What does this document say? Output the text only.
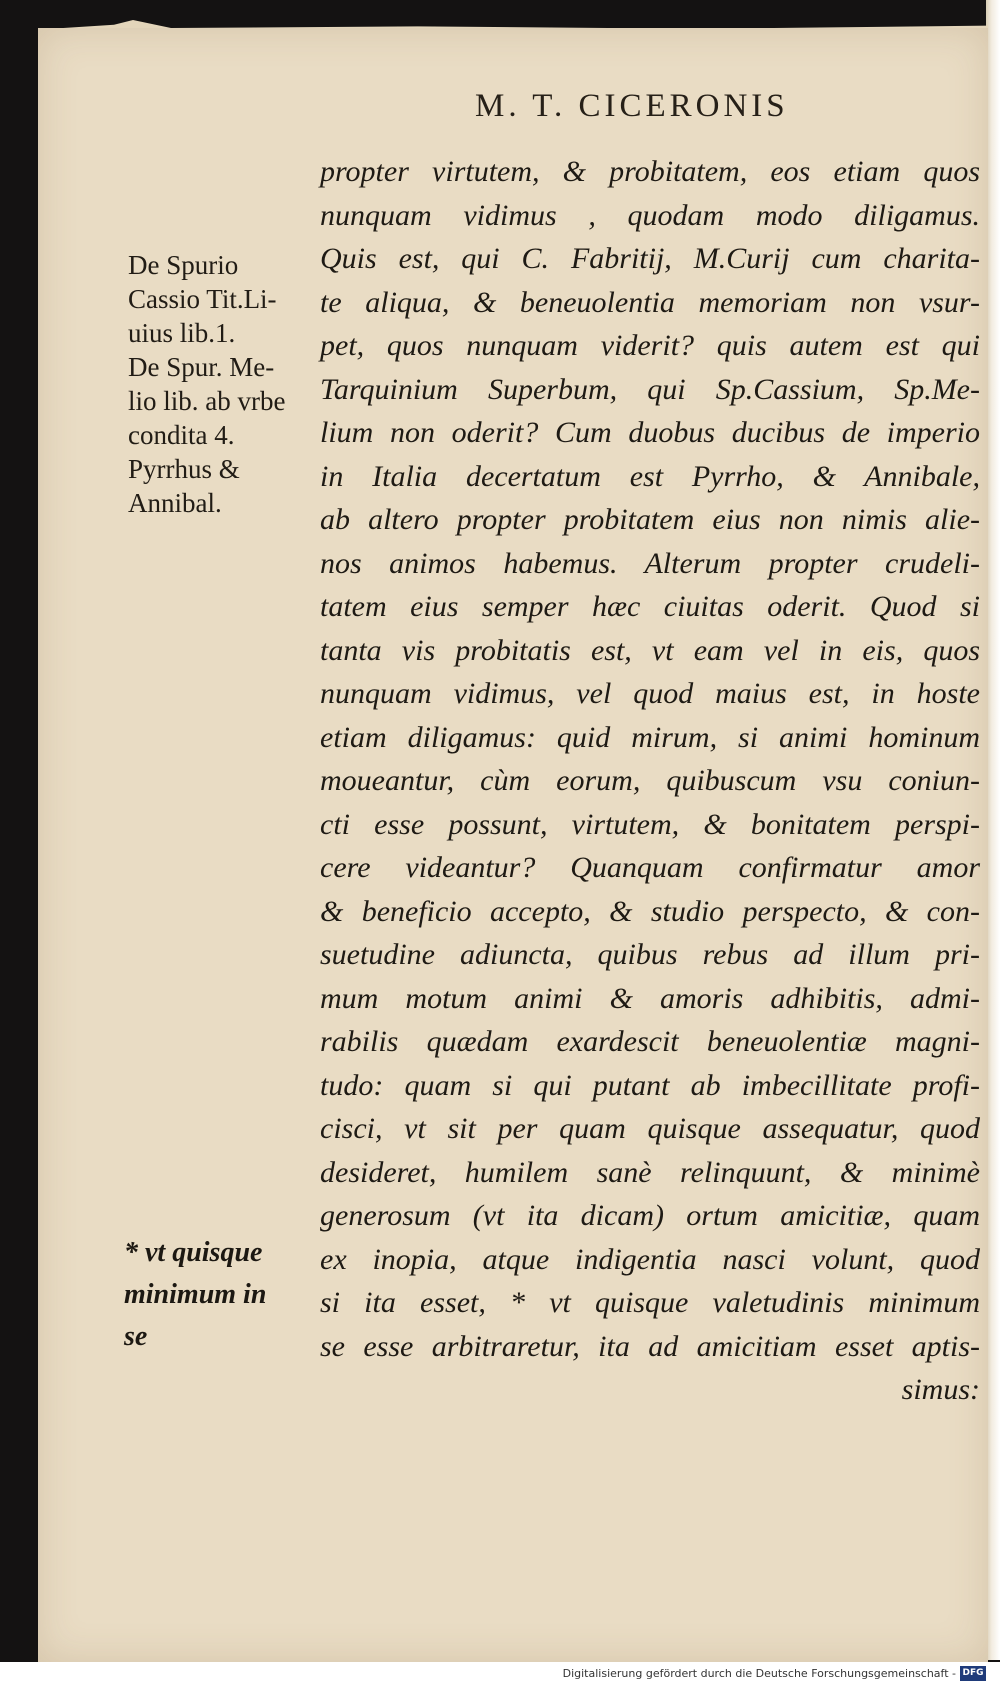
M. T. CICERONIS
De Spurio
Cassio Tit.Li-
uius lib.1.
De Spur. Me-
lio lib. ab vrbe
condita 4.
Pyrrhus &
Annibal.
* vt quisque
minimum in
se
propter virtutem, & probitatem, eos etiam quos
nunquam vidimus , quodam modo diligamus.
Quis est, qui C. Fabritij, M.Curij cum charita-
te aliqua, & beneuolentia memoriam non vsur-
pet, quos nunquam viderit? quis autem est qui
Tarquinium Superbum, qui Sp.Cassium, Sp.Me-
lium non oderit? Cum duobus ducibus de imperio
in Italia decertatum est Pyrrho, & Annibale,
ab altero propter probitatem eius non nimis alie-
nos animos habemus. Alterum propter crudeli-
tatem eius semper hæc ciuitas oderit. Quod si
tanta vis probitatis est, vt eam vel in eis, quos
nunquam vidimus, vel quod maius est, in hoste
etiam diligamus: quid mirum, si animi hominum
moueantur, cùm eorum, quibuscum vsu coniun-
cti esse possunt, virtutem, & bonitatem perspi-
cere videantur? Quanquam confirmatur amor
& beneficio accepto, & studio perspecto, & con-
suetudine adiuncta, quibus rebus ad illum pri-
mum motum animi & amoris adhibitis, admi-
rabilis quædam exardescit beneuolentiæ magni-
tudo: quam si qui putant ab imbecillitate profi-
cisci, vt sit per quam quisque assequatur, quod
desideret, humilem sanè relinquunt, & minimè
generosum (vt ita dicam) ortum amicitiæ, quam
ex inopia, atque indigentia nasci volunt, quod
si ita esset, * vt quisque valetudinis minimum
se esse arbitraretur, ita ad amicitiam esset aptis-
simus:
Digitalisierung gefördert durch die Deutsche Forschungsgemeinschaft - DFG
